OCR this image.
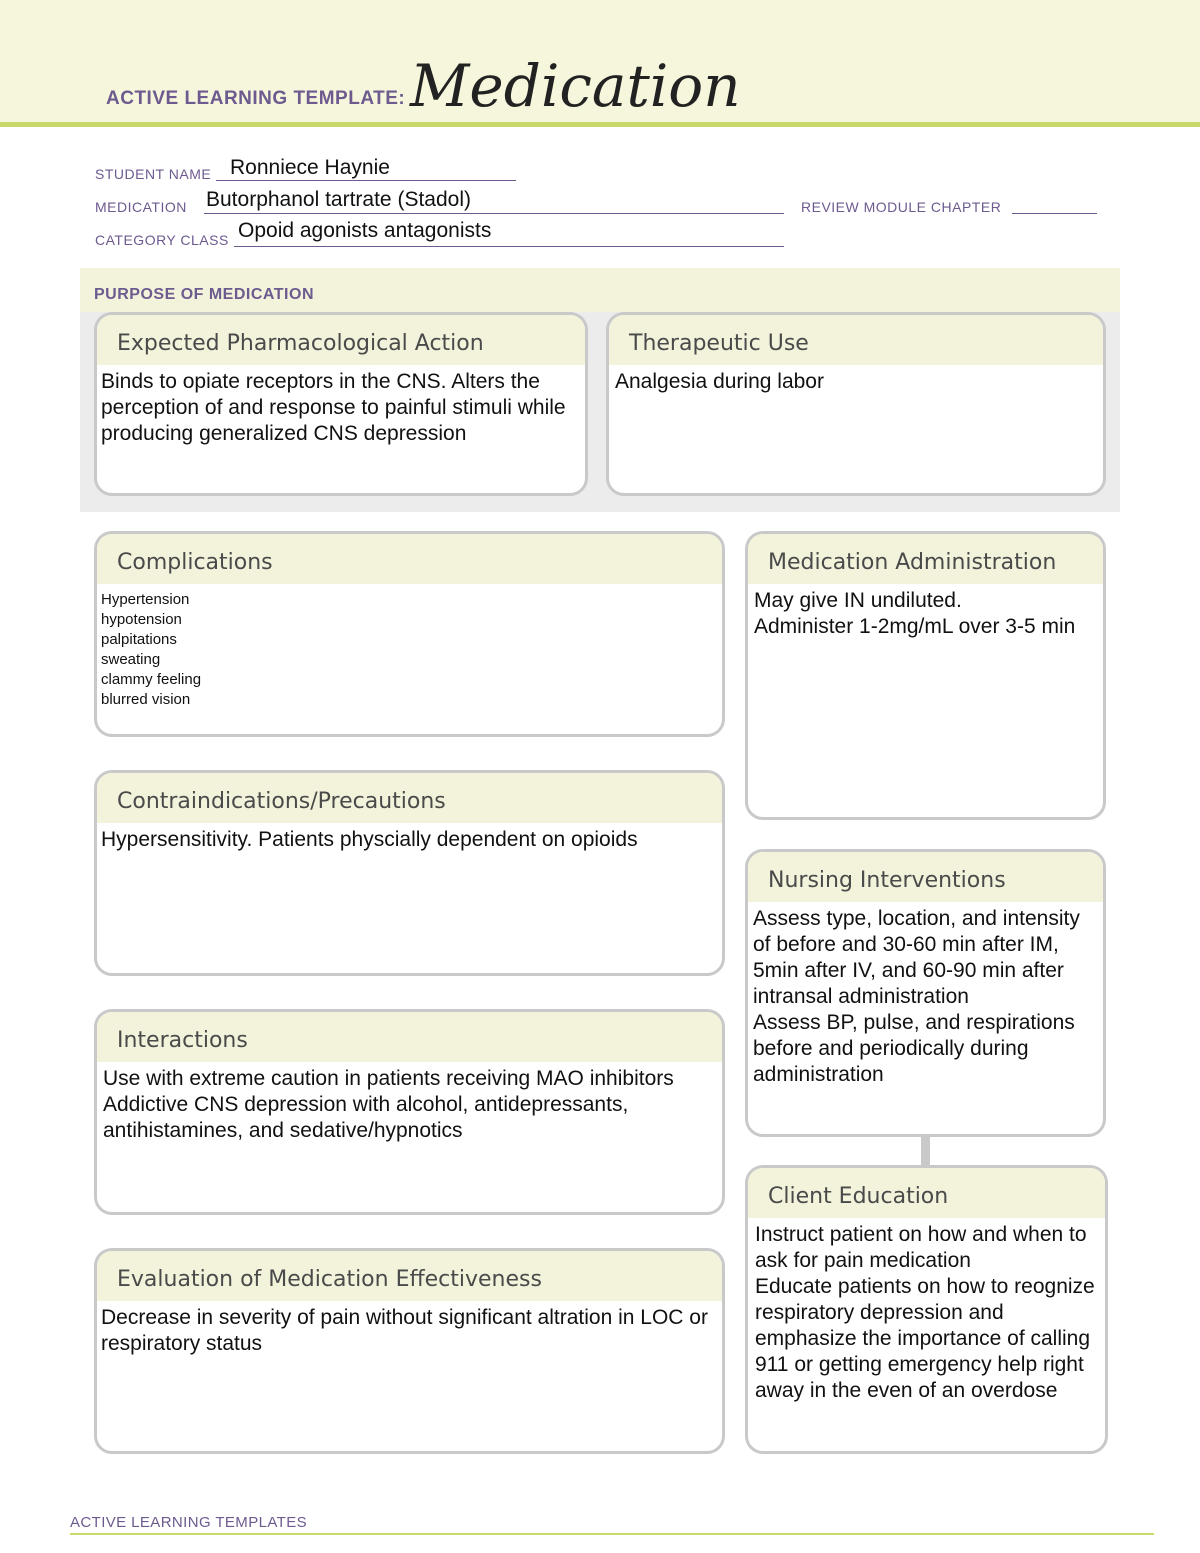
ACTIVE LEARNING TEMPLATE: Medication
STUDENT NAME Ronniece Haynie
MEDICATION Butorphanol tartrate (Stadol)	REVIEW MODULE CHAPTER
CATEGORY CLASS Opoid agonists antagonists
PURPOSE OF MEDICATION
Expected Pharmacological Action
Binds to opiate receptors in the CNS. Alters the perception of and response to painful stimuli while producing generalized CNS depression
Therapeutic Use
Analgesia during labor
Complications
Hypertension
hypotension
palpitations
sweating
clammy feeling
blurred vision
Contraindications/Precautions
Hypersensitivity. Patients physcially dependent on opioids
Interactions
Use with extreme caution in patients receiving MAO inhibitors
Addictive CNS depression with alcohol, antidepressants, antihistamines, and sedative/hypnotics
Evaluation of Medication Effectiveness
Decrease in severity of pain without significant altration in LOC or respiratory status
Medication Administration
May give IN undiluted.
Administer 1-2mg/mL over 3-5 min
Nursing Interventions
Assess type, location, and intensity of before and 30-60 min after IM, 5min after IV, and 60-90 min after intransal administration
Assess BP, pulse, and respirations before and periodically during administration
Client Education
Instruct patient on how and when to ask for pain medication
Educate patients on how to reognize respiratory depression and emphasize the importance of calling 911 or getting emergency help right away in the even of an overdose
ACTIVE LEARNING TEMPLATES
